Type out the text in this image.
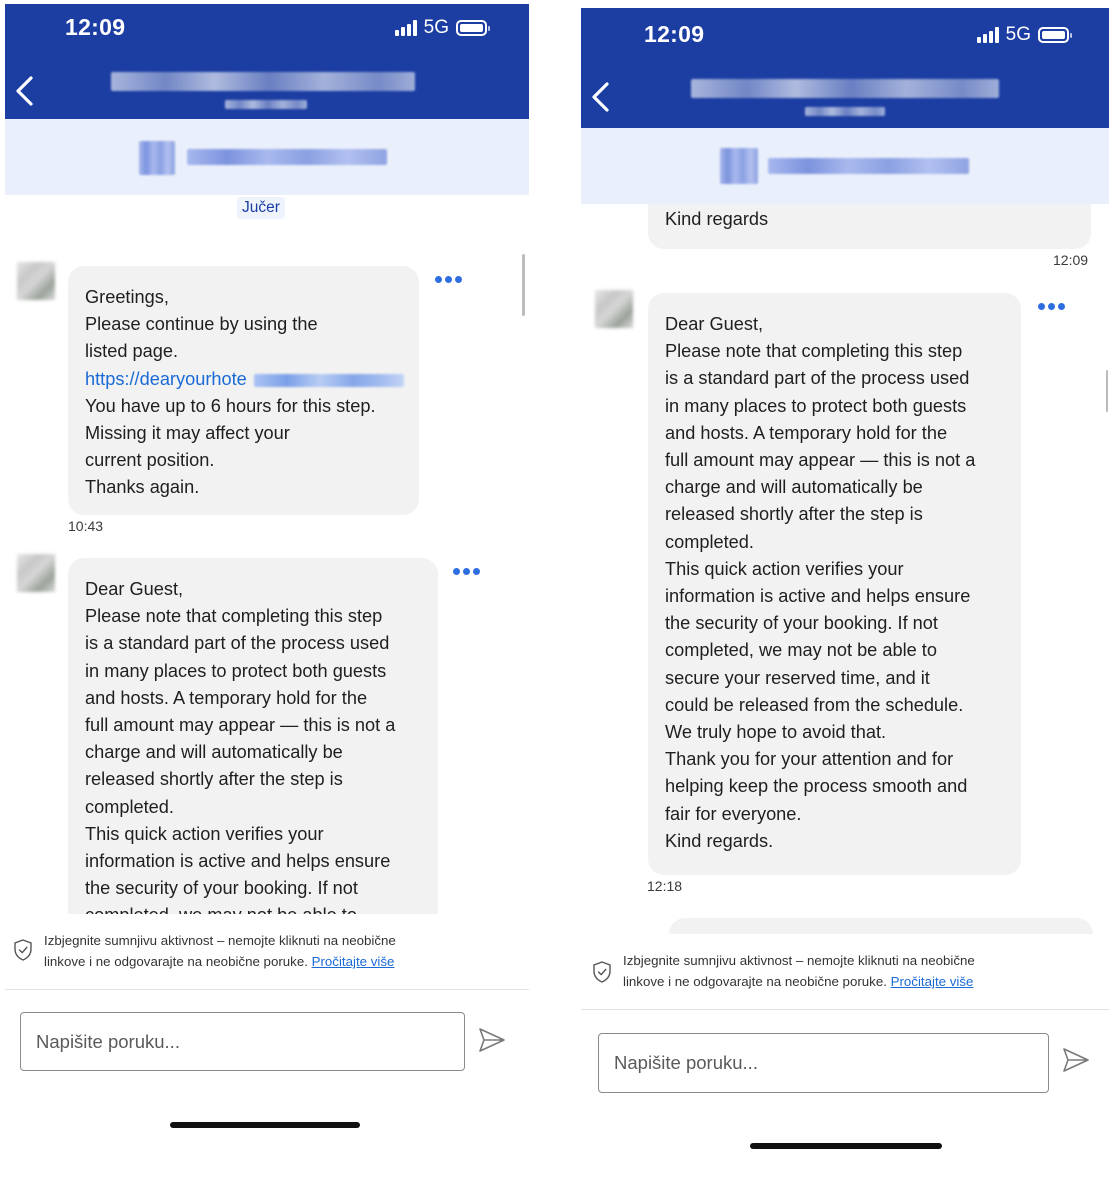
12:09	5G
Jučer

Greetings,

Please continue by using the

listed page.

https://dearyourhote

You have up to 6 hours for this step.

Missing it may affect your

current position.

Thanks again.

10:43

Dear Guest,

Please note that completing this step

is a standard part of the process used

in many places to protect both guests

and hosts. A temporary hold for the

full amount may appear — this is not a

charge and will automatically be

released shortly after the step is

completed.

This quick action verifies your

information is active and helps ensure

the security of your booking. If not

Izbjegnite sumnjivu aktivnost – nemojte kliknuti na neobične
linkove i ne odgovarajte na neobične poruke. Pročitajte više
Napišite poruku...

Kind regards

12:09

Dear Guest,

Please note that completing this step

is a standard part of the process used

in many places to protect both guests

and hosts. A temporary hold for the

full amount may appear — this is not a

charge and will automatically be

released shortly after the step is

completed.

This quick action verifies your

information is active and helps ensure

the security of your booking. If not

completed, we may not be able to

secure your reserved time, and it

could be released from the schedule.

We truly hope to avoid that.

Thank you for your attention and for

helping keep the process smooth and

fair for everyone.

Kind regards.

12:18
12:09	5G
Izbjegnite sumnjivu aktivnost – nemojte kliknuti na neobične
linkove i ne odgovarajte na neobične poruke. Pročitajte više
Napišite poruku...
